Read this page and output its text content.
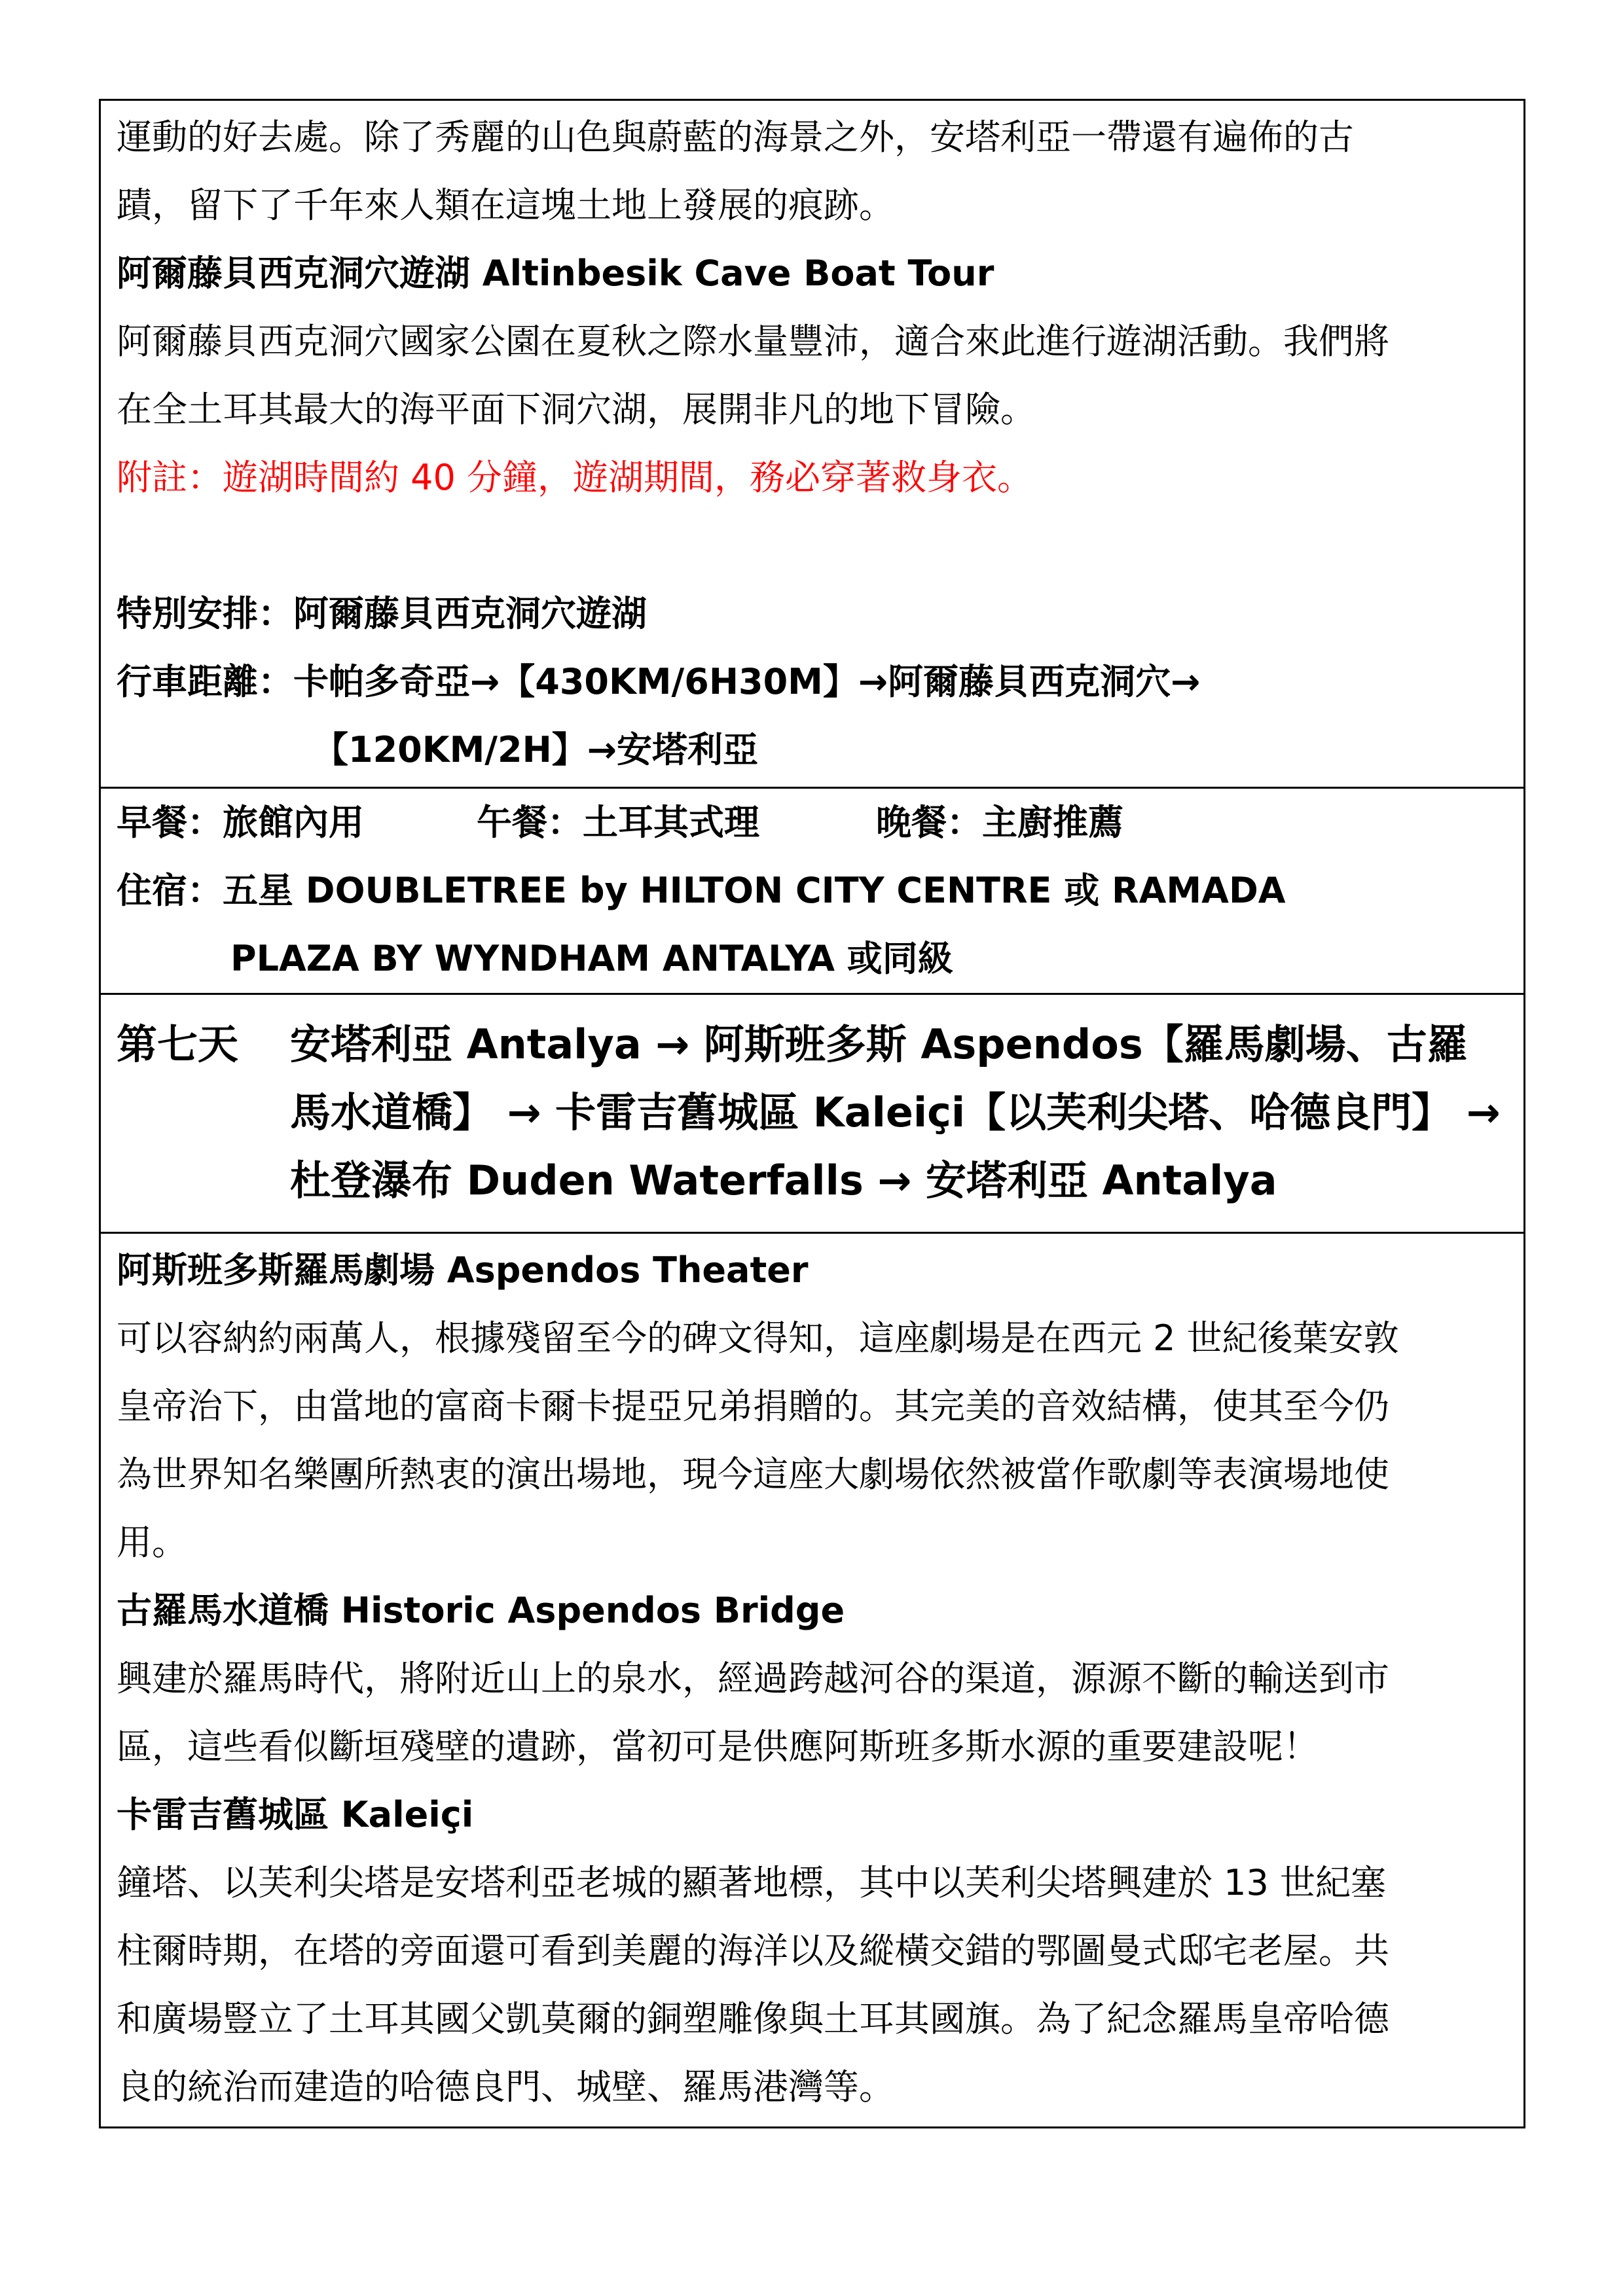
運動的好去處。除了秀麗的山色與蔚藍的海景之外，安塔利亞一帶還有遍佈的古
蹟，留下了千年來人類在這塊土地上發展的痕跡。
阿爾藤貝西克洞穴遊湖 Altinbesik Cave Boat Tour
阿爾藤貝西克洞穴國家公園在夏秋之際水量豐沛，適合來此進行遊湖活動。我們將
在全土耳其最大的海平面下洞穴湖，展開非凡的地下冒險。
附註：遊湖時間約 40 分鐘，遊湖期間，務必穿著救身衣。
特別安排：阿爾藤貝西克洞穴遊湖
行車距離：卡帕多奇亞→【430KM/6H30M】→阿爾藤貝西克洞穴→
【120KM/2H】→安塔利亞
早餐：旅館內用	午餐：土耳其式理	晚餐：主廚推薦
住宿：五星 DOUBLETREE by HILTON CITY CENTRE 或 RAMADA
PLAZA BY WYNDHAM ANTALYA 或同級
第七天	安塔利亞 Antalya → 阿斯班多斯 Aspendos【羅馬劇場、古羅馬水道橋】 → 卡雷吉舊城區 Kaleiçi【以芙利尖塔、哈德良門】 → 杜登瀑布 Duden Waterfalls → 安塔利亞 Antalya
阿斯班多斯羅馬劇場 Aspendos Theater
可以容納約兩萬人，根據殘留至今的碑文得知，這座劇場是在西元 2 世紀後葉安敦
皇帝治下，由當地的富商卡爾卡提亞兄弟捐贈的。其完美的音效結構，使其至今仍
為世界知名樂團所熱衷的演出場地，現今這座大劇場依然被當作歌劇等表演場地使
用。
古羅馬水道橋 Historic Aspendos Bridge
興建於羅馬時代，將附近山上的泉水，經過跨越河谷的渠道，源源不斷的輸送到市
區，這些看似斷垣殘壁的遺跡，當初可是供應阿斯班多斯水源的重要建設呢！
卡雷吉舊城區 Kaleiçi
鐘塔、以芙利尖塔是安塔利亞老城的顯著地標，其中以芙利尖塔興建於 13 世紀塞
柱爾時期，在塔的旁面還可看到美麗的海洋以及縱橫交錯的鄂圖曼式邸宅老屋。共
和廣場豎立了土耳其國父凱莫爾的銅塑雕像與土耳其國旗。為了紀念羅馬皇帝哈德
良的統治而建造的哈德良門、城壁、羅馬港灣等。
